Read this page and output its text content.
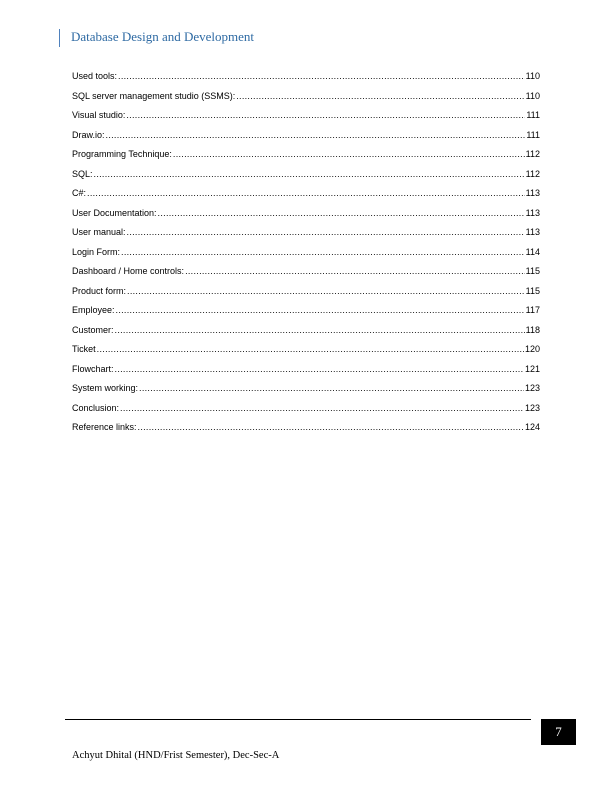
Database Design and Development
Used tools: .....	110
SQL server management studio (SSMS): .....	110
Visual studio: .....	111
Draw.io: .....	111
Programming Technique: .....	112
SQL: .....	112
C#: .....	113
User Documentation: .....	113
User manual: .....	113
Login Form: .....	114
Dashboard / Home controls: .....	115
Product form: .....	115
Employee: .....	117
Customer: .....	118
Ticket .....	120
Flowchart: .....	121
System working: .....	123
Conclusion: .....	123
Reference links: .....	124
7
Achyut Dhital (HND/Frist Semester), Dec-Sec-A
